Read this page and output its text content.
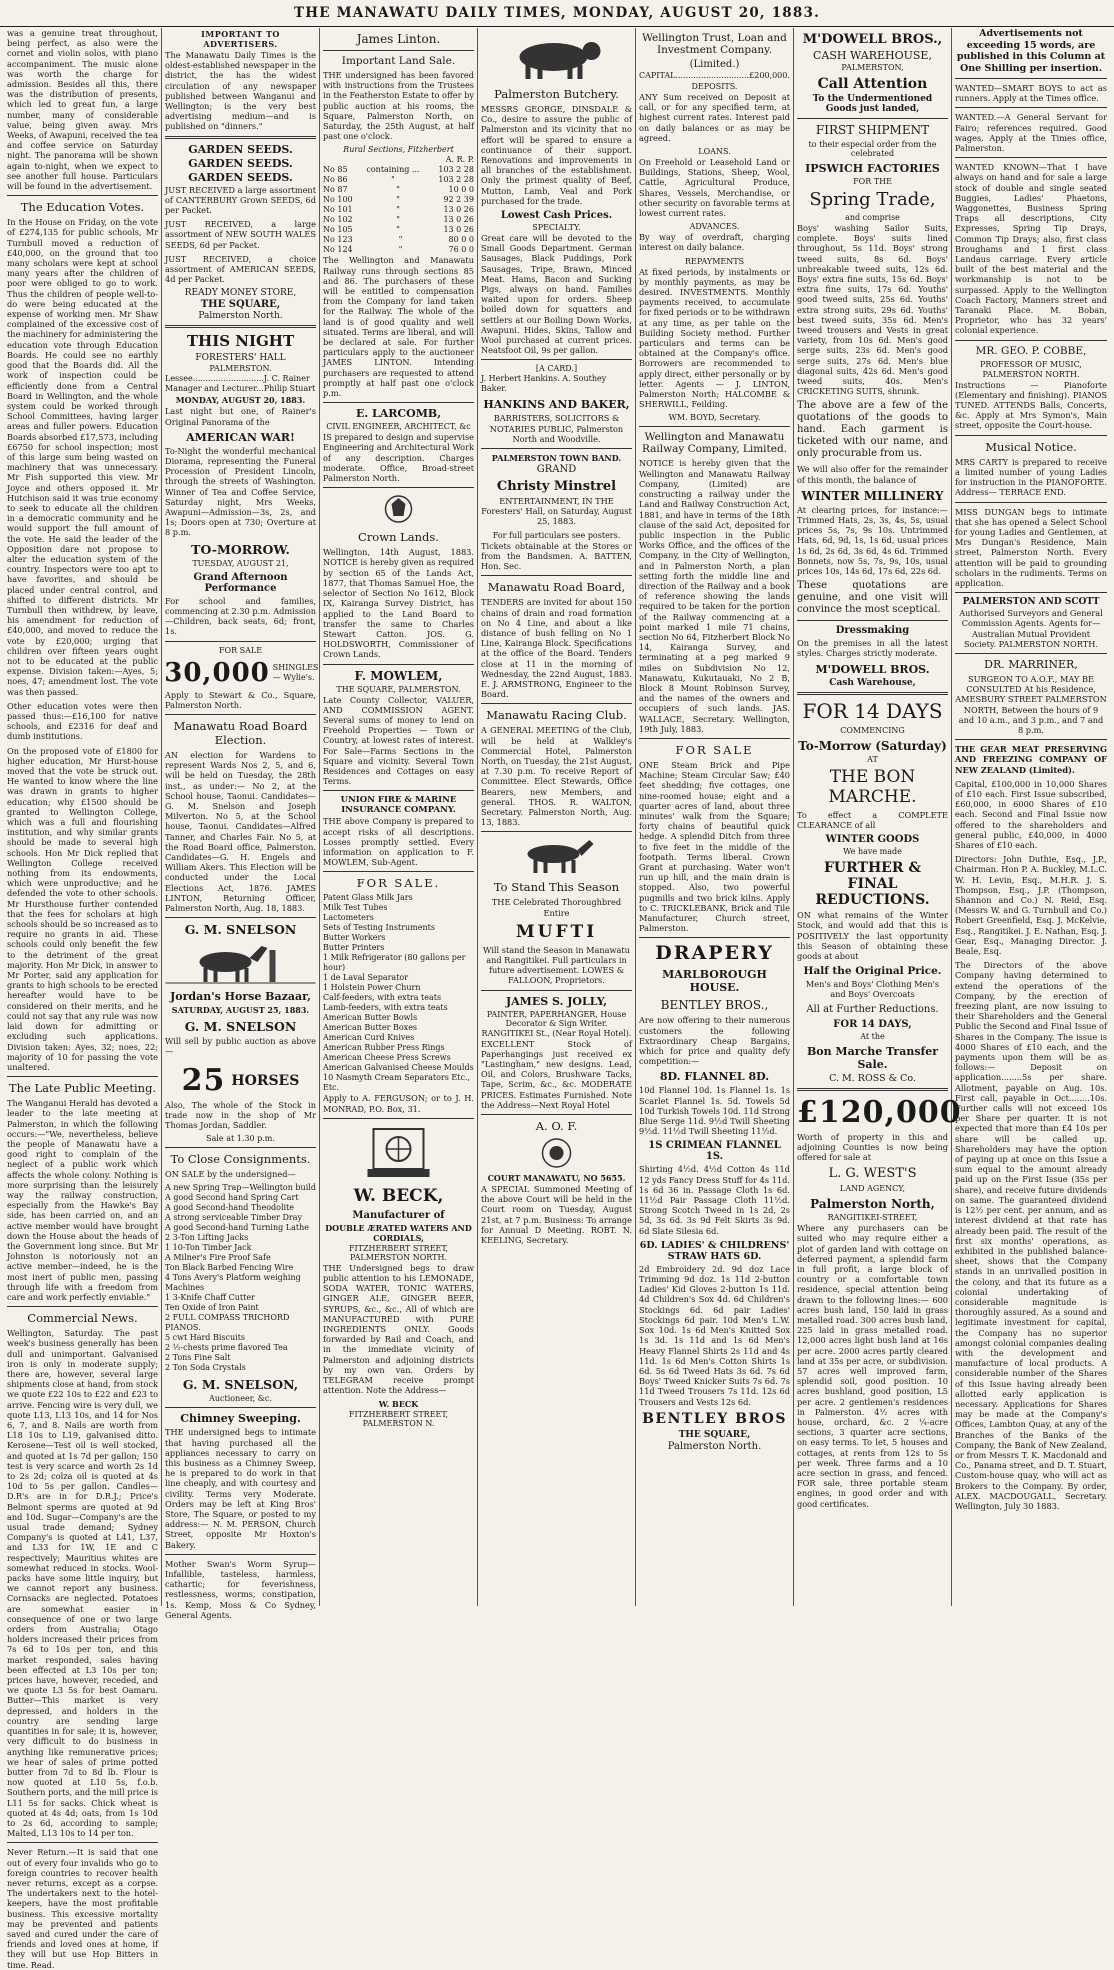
THE MANAWATU DAILY TIMES, MONDAY, AUGUST 20, 1883.

was a genuine treat throughout, being perfect, as also were the cornet and violin solos, with piano accompaniment. The music alone was worth the charge for admission. Besides all this, there was the distribution of presents, which led to great fun, a large number, many of considerable value, being given away. Mrs Weeks, of Awapuni, received the tea and coffee service on Saturday night. The panorama will be shown again to-night, when we expect to see another full house. Particulars will be found in the advertisement.

The Education Votes.

In the House on Friday, on the vote of £274,135 for public schools, Mr Turnbull moved a reduction of £40,000, on the ground that too many scholars were kept at school many years after the children of poor were obliged to go to work. Thus the children of people well-to-do were being educated at the expense of working men. Mr Shaw complained of the excessive cost of the machinery for administering the education vote through Education Boards. He could see no earthly good that the Boards did. All the work of inspection could be efficiently done from a Central Board in Wellington, and the whole system could be worked through School Committees, having larger areas and fuller powers. Education Boards absorbed £17,573, including £6750 for school inspection; most of this large sum being wasted on machinery that was unnecessary. Mr Fish supported this view. Mr Joyce and others opposed it. Mr Hutchison said it was true economy to seek to educate all the children in a democratic community and he would support the full amount of the vote. He said the leader of the Opposition dare not propose to alter the education system of the country. Inspectors were too apt to have favorites, and should be placed under central control, and shifted to different districts. Mr Turnbull then withdrew, by leave, his amendment for reduction of £40,000, and moved to reduce the vote by £20,000; urging that children over fifteen years ought not to be educated at the public expense. Division taken:—Ayes, 5; noes, 47; amendment lost. The vote was then passed.

Other education votes were then passed thus:—£16,100 for native schools, and £2316 for deaf and dumb institutions.

On the proposed vote of £1800 for higher education, Mr Hurst-house moved that the vote be struck out. He wanted to know where the line was drawn in grants to higher education; why £1500 should be granted to Wellington College, which was a full and flourishing institution, and why similar grants should be made to several high schools. Hon Mr Dick replied that Wellington College received nothing from its endowments, which were unproductive; and he defended the vote to other schools. Mr Hursthouse further contended that the fees for scholars at high schools should be so increased as to require no grants in aid. These schools could only benefit the few to the detriment of the great majority. Hon Mr Dick, in answer to Mr Porter, said any application for grants to high schools to be erected hereafter would have to be considered on their merits, and he could not say that any rule was now laid down for admitting or excluding such applications. Division taken: Ayes, 32; noes, 22; majority of 10 for passing the vote unaltered.

The Late Public Meeting.

The Wanganui Herald has devoted a leader to the late meeting at Palmerston, in which the following occurs:—"We, nevertheless, believe the people of Manawatu have a good right to complain of the neglect of a public work which affects the whole colony. Nothing is more surprising than the leisurely way the railway construction, especially from the Hawke's Bay side, has been carried on, and an active member would have brought down the House about the heads of the Government long since. But Mr Johnston is notoriously not an active member—indeed, he is the most inert of public men, passing through life with a freedom from care and work perfectly enviable."

Commercial News.

Wellington, Saturday. The past week's business generally has been dull and unimportant. Galvanised iron is only in moderate supply; there are, however, several large shipments close at hand, from stock we quote £22 10s to £22 and £23 to arrive. Fencing wire is very dull, we quote L13, L13 10s, and 14 for Nos 6, 7, and 8. Nails are worth from L18 10s to L19, galvanised ditto. Kerosene—Test oil is well stocked, and quoted at 1s 7d per gallon; 150 test is very scarce and worth 2s 1d to 2s 2d; colza oil is quoted at 4s 10d to 5s per gallon. Candles—D.R's are in for D.R.J.; Price's Belmont sperms are quoted at 9d and 10d. Sugar—Company's are the usual trade demand; Sydney Company's is quoted at L41, L37, and L33 for 1W, 1E and C respectively; Mauritius whites are somewhat reduced in stocks. Wool-packs have some little inquiry, but we cannot report any business. Cornsacks are neglected. Potatoes are somewhat easier in consequence of one or two large orders from Australia; Otago holders increased their prices from 7s 6d to 10s per ton, and this market responded, sales having been effected at L3 10s per ton; prices have, however, receded, and we quote L3 5s for best Oamaru. Butter—This market is very depressed, and holders in the country are sending large quantities in for sale; it is, however, very difficult to do business in anything like remunerative prices; we hear of sales of prime potted butter from 7d to 8d lb. Flour is now quoted at L10 5s, f.o.b. Southern ports, and the mill price is L11 5s for sacks. Chick wheat is quoted at 4s 4d; oats, from 1s 10d to 2s 6d, according to sample; Malted, L13 10s to 14 per ton.

Never Return.—It is said that one out of every four invalids who go to foreign countries to recover health never returns, except as a corpse. The undertakers next to the hotel-keepers, have the most profitable business. This excessive mortality may be prevented and patients saved and cured under the care of friends and loved ones at home, if they will but use Hop Bitters in time. Read.

IMPORTANT TO ADVERTISERS.

The Manawatu Daily Times is the oldest-established newspaper in the district, the has the widest circulation of any newspaper published between Wanganui and Wellington; is the very best advertising medium—and is published on "dinners."

GARDEN SEEDS.
GARDEN SEEDS.
GARDEN SEEDS.

JUST RECEIVED a large assortment of CANTERBURY Grown SEEDS, 6d per Packet.

JUST RECEIVED, a large assortment of NEW SOUTH WALES SEEDS, 6d per Packet.

JUST RECEIVED, a choice assortment of AMERICAN SEEDS, 4d per Packet.

READY MONEY STORE,
THE SQUARE,
Palmerston North.
THIS NIGHT
FORESTERS' HALL
PALMERSTON.
Lessee............................J. C. Rainer
Manager and Lecturer...Philip Stuart
MONDAY, AUGUST 20, 1883.

Last night but one, of Rainer's Original Panorama of the

AMERICAN WAR!

To-Night the wonderful mechanical Diorama, representing the Funeral Procession of President Lincoln, through the streets of Washington. Winner of Tea and Coffee Service, Saturday night, Mrs Weeks, Awapuni—Admission—3s, 2s, and 1s; Doors open at 730; Overture at 8 p.m.

TO-MORROW.
TUESDAY, AUGUST 21,
Grand Afternoon Performance

For school and families, commencing at 2.30 p.m. Admission—Children, back seats, 6d; front, 1s.

FOR SALE
30,000 SHINGLES— Wylie's.

Apply to Stewart & Co., Square, Palmerston North.

Manawatu Road Board Election.

AN election for Wardens to represent Wards Nos 2, 5, and 6, will be held on Tuesday, the 28th inst., as under:— No 2, at the School house, Taonui. Candidates—G. M. Snelson and Joseph Milverton. No 5, at the School house, Taonui. Candidates—Alfred Tanner, and Charles Fair. No 5, at the Road Board office, Palmerston. Candidates—G. H. Engels and William Akers. This Election will be conducted under the Local Elections Act, 1876. JAMES LINTON, Returning Officer, Palmerston North, Aug. 18, 1883.

G. M. SNELSON
Jordan's Horse Bazaar,
SATURDAY, AUGUST 25, 1883.
G. M. SNELSON

Will sell by public auction as above—

25 HORSES

Also, The whole of the Stock in trade now in the shop of Mr Thomas Jordan, Saddler.

Sale at 1.30 p.m.
To Close Consignments.

ON SALE by the undersigned—

A new Spring Trap—Wellington build
A good Second hand Spring Cart
A good Second-hand Theodolite
A strong serviceable Timber Dray
A good Second-hand Turning Lathe
2 3-Ton Lifting Jacks
1 10-Ton Timber Jack
A Milner's Fire Proof Safe
Ton Black Barbed Fencing Wire
4 Tons Avery's Platform weighing Machines
1 3-Knife Chaff Cutter
Ten Oxide of Iron Paint
2 FULL COMPASS TRICHORD PIANOS.
5 cwt Hard Biscuits
2 ½-chests prime flavored Tea
2 Tons Fine Salt
2 Ton Soda Crystals
G. M. SNELSON,
Auctioneer, &c.
Chimney Sweeping.

THE undersigned begs to intimate that having purchased all the appliances necessary to carry on this business as a Chimney Sweep, he is prepared to do work in that line cheaply, and with courtesy and civility. Terms very Moderate. Orders may be left at King Bros' Store, The Square, or posted to my address:— N. M. PERSON, Church Street, opposite Mr Hoxton's Bakery.

Mother Swan's Worm Syrup—Infallible, tasteless, harmless, cathartic; for feverishness, restlessness, worms, constipation, 1s. Kemp, Moss & Co Sydney, General Agents.

James Linton.
Important Land Sale.

THE undersigned has been favored with instructions from the Trustees in the Featherston Estate to offer by public auction at his rooms, the Square, Palmerston North, on Saturday, the 25th August, at half past one o'clock.

Rural Sections, Fitzherbert
A. R. P.
No 85 containing ... 103 2 28
No 86	"	103 2 28
No 87	"	10 0 0
No 100	"	92 2 39
No 101	"	13 0 26
No 102	"	13 0 26
No 105	"	13 0 26
No 123	"	80 0 0
No 124	"	76 0 0

The Wellington and Manawatu Railway runs through sections 85 and 86. The purchasers of these will be entitled to compensation from the Company for land taken for the Railway. The whole of the land is of good quality and well situated. Terms are liberal, and will be declared at sale. For further particulars apply to the auctioneer JAMES LINTON. Intending purchasers are requested to attend promptly at half past one o'clock p.m.

E. LARCOMB,
CIVIL ENGINEER, ARCHITECT, &c

IS prepared to design and supervise Engineering and Architectural Work of any description. Charges moderate. Office, Broad-street Palmerston North.

Crown Lands.

Wellington, 14th August, 1883. NOTICE is hereby given as required by section 65 of the Lands Act, 1877, that Thomas Samuel Hoe, the selector of Section No 1612, Block IX, Kairanga Survey District, has applied to the Land Board to transfer the same to Charles Stewart Catton. JOS. G. HOLDSWORTH, Commissioner of Crown Lands.

F. MOWLEM,
THE SQUARE, PALMERSTON.

Late County Collector, VALUER, AND COMMISSION AGENT. Several sums of money to lend on Freehold Properties — Town or Country, at lowest rates of interest. For Sale—Farms Sections in the Square and vicinity. Several Town Residences and Cottages on easy Terms.

UNION FIRE & MARINE INSURANCE COMPANY.

THE above Company is prepared to accept risks of all descriptions. Losses promptly settled. Every information on application to F. MOWLEM, Sub-Agent.

FOR SALE.
Patent Glass Milk Jars
Milk Test Tubes
Lactometers
Sets of Testing Instruments
Butter Workers
Butter Printers
1 Milk Refrigerator (80 gallons per hour)
1 de Laval Separator
1 Holstein Power Churn
Calf-feeders, with extra teats
Lamb-feeders, with extra teats
American Butter Bowls
American Butter Boxes
American Curd Knives
American Rubber Press Rings
American Cheese Press Screws
American Galvanised Cheese Moulds
10 Nasmyth Cream Separators Etc., Etc.

Apply to A. FERGUSON; or to J. H. MONRAD, P.O. Box, 31.

W. BECK,
Manufacturer of
DOUBLE ÆRATED WATERS AND CORDIALS,
FITZHERBERT STREET, PALMERSTON NORTH.

THE Undersigned begs to draw public attention to his LEMONADE, SODA WATER, TONIC WATERS, GINGER ALE, GINGER BEER, SYRUPS, &c., &c., All of which are MANUFACTURED with PURE INGREDIENTS ONLY. Goods forwarded by Rail and Coach, and in the immediate vicinity of Palmerston and adjoining districts by my own van. Orders by TELEGRAM receive prompt attention. Note the Address—

W. BECK
FITZHERBERT STREET, PALMERSTON N.
Palmerston Butchery.

MESSRS GEORGE, DINSDALE & Co., desire to assure the public of Palmerston and its vicinity that no effort will be spared to ensure a continuance of their support. Renovations and improvements in all branches of the establishment. Only the primest quality of Beef, Mutton, Lamb, Veal and Pork purchased for the trade.

Lowest Cash Prices.
SPECIALTY.

Great care will be devoted to the Small Goods Department. German Sausages, Black Puddings, Pork Sausages, Tripe, Brawn, Minced Meat. Hams, Bacon and Sucking Pigs, always on hand. Families waited upon for orders. Sheep boiled down for squatters and settlers at our Boiling Down Works, Awapuni. Hides, Skins, Tallow and Wool purchased at current prices. Neatsfoot Oil, 9s per gallon.

[A CARD.]
J. Herbert Hankins. A. Southey Baker.
HANKINS AND BAKER,

BARRISTERS, SOLICITORS & NOTARIES PUBLIC, Palmerston North and Woodville.

PALMERSTON TOWN BAND.
GRAND
Christy Minstrel

ENTERTAINMENT, IN THE Foresters' Hall, on Saturday, August 25, 1883.

For full particulars see posters.

Tickets obtainable at the Stores or from the Bandsmen. A. BATTEN, Hon. Sec.

Manawatu Road Board,

TENDERS are invited for about 150 chains of drain and road formation on No 4 Line, and about a like distance of bush felling on No 1 Line, Kairanga Block. Specifications at the office of the Board. Tenders close at 11 in the morning of Wednesday, the 22nd August, 1883. E. J. ARMSTRONG, Engineer to the Board.

Manawatu Racing Club.

A GENERAL MEETING of the Club, will be held at Walkley's Commercial Hotel, Palmerston North, on Tuesday, the 21st August, at 7.30 p.m. To receive Report of Committee. Elect Stewards, Office Bearers, new Members, and general. THOS. R. WALTON, Secretary. Palmerston North, Aug. 13, 1883.

To Stand This Season

THE Celebrated Thoroughbred Entire

MUFTI

Will stand the Season in Manawatu and Rangitikei. Full particulars in future advertisement. LOWES & FALLOON, Proprietors.

JAMES S. JOLLY,
PAINTER, PAPERHANGER, House Decorator & Sign Writer.
RANGITIKEI St., (Near Royal Hotel).

EXCELLENT Stock of Paperhangings just received ex "Lastingham," new designs. Lead, Oil, and Colors, Brushware Tacks, Tape, Scrim, &c., &c. MODERATE PRICES. Estimates Furnished. Note the Address—Next Royal Hotel

A. O. F.
COURT MANAWATU, NO 5655.

A SPECIAL Summoned Meeting of the above Court will be held in the Court room on Tuesday, August 21st, at 7 p.m. Business: To arrange for Annual D Meeting. ROBT. N. KEELING, Secretary.

Wellington Trust, Loan and Investment Company.
(Limited.)
CAPITAL.............................£200,000.
DEPOSITS.

ANY Sum received on Deposit at call, or for any specified term, at highest current rates. Interest paid on daily balances or as may be agreed.

LOANS.

On Freehold or Leasehold Land or Buildings, Stations, Sheep, Wool, Cattle, Agricultural Produce, Shares, Vessels, Merchandise, or other security on favorable terms at lowest current rates.

ADVANCES.

By way of overdraft, charging interest on daily balance.

REPAYMENTS

At fixed periods, by instalments or by monthly payments, as may be desired. INVESTMENTS. Monthly payments received, to accumulate for fixed periods or to be withdrawn at any time, as per table on the Building Society method. Further particulars and terms can be obtained at the Company's office. Borrowers are recommended to apply direct, either personally or by letter. Agents — J. LINTON, Palmerston North; HALCOMBE & SHERWILL, Feilding.

WM. BOYD, Secretary.
Wellington and Manawatu Railway Company, Limited.

NOTICE is hereby given that the Wellington and Manawatu Railway Company, (Limited) are constructing a railway under the Land and Railway Construction Act, 1881, and have in terms of the 18th clause of the said Act, deposited for public inspection in the Public Works Office, and the offices of the Company, in the City of Wellington, and in Palmerston North, a plan setting forth the middle line and direction of the Railway and a book of reference showing the lands required to be taken for the portion of the Railway commencing at a point marked 1 mile 71 chains, section No 64, Fitzherbert Block No 14, Kairanga Survey, and terminating at a peg marked 9 miles on Subdivision No 12, Manawatu, Kukutauaki, No 2 B, Block 8 Mount Robinson Survey, and the names of the owners and occupiers of such lands. JAS. WALLACE, Secretary. Wellington, 19th July, 1883.

FOR SALE

ONE Steam Brick and Pipe Machine; Steam Circular Saw; £40 feet shedding; five cottages, one nine-roomed house; eight and a quarter acres of land, about three minutes' walk from the Square; forty chains of beautiful quick hedge. A splendid Ditch from three to five feet in the middle of the footpath. Terms liberal. Crown Grant at purchasing. Water won't run up hill, and the main drain is stopped. Also, two powerful pugmills and two brick kilns. Apply to C. TRICKLEBANK, Brick and Tile Manufacturer, Church street, Palmerston.

DRAPERY
MARLBOROUGH HOUSE.
BENTLEY BROS.,

Are now offering to their numerous customers the following Extraordinary Cheap Bargains, which for price and quality defy competition:—

8D. FLANNEL 8D.

10d Flannel 10d. 1s Flannel 1s. 1s Scarlet Flannel 1s. 5d. Towels 5d 10d Turkish Towels 10d. 11d Strong Blue Serge 11d. 9½d Twill Sheeting 9½d. 11½d Twill Sheeting 11½d.

1S CRIMEAN FLANNEL 1S.

Shirting 4½d. 4½d Cotton 4s 11d 12 yds Fancy Dress Stuff for 4s 11d. 1s 6d 36 in. Passage Cloth 1s 6d. 11½d Pair Passage Cloth 11½d. Strong Scotch Tweed in 1s 2d, 2s 5d, 3s 6d. 3s 9d Felt Skirts 3s 9d. 6d Slate Silesia 6d.

6D. LADIES' & CHILDRENS' STRAW HATS 6D.

2d Embroidery 2d. 9d doz Lace Trimming 9d doz. 1s 11d 2-button Ladies' Kid Gloves 2-button 1s 11d. 4d Children's Sox 4d. 6d Children's Stockings 6d. 6d pair Ladies' Stockings 6d pair. 10d Men's L.W. Sox 10d. 1s 6d Men's Knitted Sox 1s 3d. 1s 11d and 1s 6d Men's Heavy Flannel Shirts 2s 11d and 4s 11d. 1s 6d Men's Cotton Shirts 1s 6d. 5s 6d Tweed Hats 3s 6d. 7s 6d Boys' Tweed Knicker Suits 7s 6d. 7s 11d Tweed Trousers 7s 11d. 12s 6d Trousers and Vests 12s 6d.

BENTLEY BROS
THE SQUARE,
Palmerston North.
M'DOWELL BROS.,
CASH WAREHOUSE,
PALMERSTON,
Call Attention
To the Undermentioned Goods just landed,
FIRST SHIPMENT
to their especial order from the celebrated
IPSWICH FACTORIES
FOR THE
Spring Trade,
and comprise

Boys' washing Sailor Suits, complete. Boys' suits lined throughout, 5s 11d. Boys' strong tweed suits, 8s 6d. Boys' unbreakable tweed suits, 12s 6d. Boys' extra fine suits, 15s 6d. Boys' extra fine suits, 17s 6d. Youths' good tweed suits, 25s 6d. Youths' extra strong suits, 29s 6d. Youths' best tweed suits, 35s 6d. Men's tweed trousers and Vests in great variety, from 10s 6d. Men's good serge suits, 23s 6d. Men's good serge suits, 27s 6d. Men's blue diagonal suits, 42s 6d. Men's good tweed suits, 40s. Men's CRICKETING SUITS, shrunk.

The above are a few of the quotations of the goods to hand. Each garment is ticketed with our name, and only procurable from us.

We will also offer for the remainder of this month, the balance of

WINTER MILLINERY

At clearing prices, for instance:— Trimmed Hats, 2s, 3s, 4s, 5s, usual prices 5s, 7s, 9s 10s. Untrimmed Hats, 6d, 9d, 1s, 1s 6d, usual prices 1s 6d, 2s 6d, 3s 6d, 4s 6d. Trimmed Bonnets, now 5s, 7s, 9s, 10s, usual prices 10s, 14s 6d, 17s 6d, 22s 6d.

These quotations are genuine, and one visit will convince the most sceptical.

Dressmaking

On the premises in all the latest styles. Charges strictly moderate.

M'DOWELL BROS.
Cash Warehouse,
FOR 14 DAYS
COMMENCING
To-Morrow (Saturday)
AT
THE BON MARCHE.

To effect a COMPLETE CLEARANCE of all

WINTER GOODS
We have made
FURTHER & FINAL REDUCTIONS.

ON what remains of the Winter Stock, and would add that this is POSITIVELY the last opportunity this Season of obtaining these goods at about

Half the Original Price.

Men's and Boys' Clothing Men's and Boys' Overcoats

All at Further Reductions.
FOR 14 DAYS,
At the
Bon Marche Transfer Sale.
C. M. ROSS & Co.
£120,000

Worth of property in this and adjoining Counties is now being offered for sale at

L. G. WEST'S
LAND AGENCY,
Palmerston North,
RANGITIKEI-STREET,

Where any purchasers can be suited who may require either a plot of garden land with cottage on deferred payment, a splendid farm in full profit, a large block of country or a comfortable town residence, special attention being drawn to the following lines:— 600 acres bush land, 150 laid in grass metalled road. 300 acres bush land, 225 laid in grass metalled road. 12,000 acres light bush land at 16s per acre. 2000 acres partly cleared land at 35s per acre, or subdivision. 57 acres well improved farm, splendid soil, good position. 10 acres bushland, good position, L5 per acre. 2 gentlemen's residences in Palmerston. 4½ acres with house, orchard, &c. 2 ¼-acre sections, 3 quarter acre sections, on easy terms. To let, 5 houses and cottages, at rents from 12s to 5s per week. Three farms and a 10 acre section in grass, and fenced. FOR sale, three portable steam engines, in good order and with good certificates.

Advertisements not exceeding 15 words, are published in this Column at One Shilling per insertion.

WANTED—SMART BOYS to act as runners. Apply at the Times office.

WANTED.—A General Servant for Fairo; references required. Good wages. Apply at the Times office, Palmerston.

WANTED KNOWN—That I have always on hand and for sale a large stock of double and single seated Buggies, Ladies' Phaetons, Waggonettes, Business Spring Traps all descriptions, City Expresses, Spring Tip Drays, Common Tip Drays; also, first class Broughams and 1 first class Landaus carriage. Every article built of the best material and the workmanship is not to be surpassed. Apply to the Wellington Coach Factory, Manners street and Taranaki Place. M. Boban, Proprietor, who has 32 years' colonial experience.

MR. GEO. P. COBBE,
PROFESSOR OF MUSIC,
PALMERSTON NORTH.

Instructions — Pianoforte (Elementary and finishing). PIANOS TUNED. ATTENDS Balls, Concerts, &c. Apply at Mrs Symon's, Main street, opposite the Court-house.

Musical Notice.

MRS CARTY is prepared to receive a limited number of young Ladies for instruction in the PIANOFORTE. Address— TERRACE END.

MISS DUNGAN begs to intimate that she has opened a Select School for young Ladies and Gentlemen, at Mrs Dungan's Residence, Main street, Palmerston North. Every attention will be paid to grounding scholars in the rudiments. Terms on application.

PALMERSTON AND SCOTT

Authorised Surveyors and General Commission Agents. Agents for—Australian Mutual Provident Society. PALMERSTON NORTH.

DR. MARRINER,

SURGEON TO A.O.F., MAY BE CONSULTED At his Residence, AMESBURY STREET PALMERSTON NORTH, Between the hours of 9 and 10 a.m., and 3 p.m., and 7 and 8 p.m.

THE GEAR MEAT PRESERVING AND FREEZING COMPANY OF NEW ZEALAND (Limited).

Capital, £100,000 in 10,000 Shares of £10 each. First Issue subscribed, £60,000, in 6000 Shares of £10 each. Second and Final Issue now offered to the shareholders and general public, £40,000, in 4000 Shares of £10 each.

Directors: John Duthie, Esq., J.P., Chairman. Hon P. A. Buckley, M.L.C. W. H. Levin, Esq., M.H.R. J. S. Thompson, Esq., J.P. (Thompson, Shannon and Co.) N. Reid, Esq. (Messrs W. and G. Turnbull and Co.) Robert Greenfield, Esq. J. McKelvie, Esq., Rangitikei. J. E. Nathan, Esq. J. Gear, Esq., Managing Director. J. Beale, Esq.

The Directors of the above Company having determined to extend the operations of the Company, by the erection of freezing plant, are now issuing to their Shareholders and the General Public the Second and Final Issue of Shares in the Company. The issue is 4000 Shares of £10 each, and the payments upon them will be as follows:— Deposit on application........5s per share. Allotment, payable on Aug. 10s. First call, payable in Oct........10s. Further calls will not exceed 10s per Share per quarter. It is not expected that more than £4 10s per share will be called up. Shareholders may have the option of paying up at once on this Issue a sum equal to the amount already paid up on the First Issue (35s per share), and receive future dividends on same. The guaranteed dividend is 12½ per cent. per annum, and as interest dividend at that rate has already been paid. The result of the first six months' operations, as exhibited in the published balance-sheet, shows that the Company stands in an unrivalled position in the colony, and that its future as a colonial undertaking of considerable magnitude is thoroughly assured. As a sound and legitimate investment for capital, the Company has no superior amongst colonial companies dealing with the development and manufacture of local products. A considerable number of the Shares of this Issue having already been allotted early application is necessary. Applications for Shares may be made at the Company's Offices, Lambton Quay, at any of the Branches of the Banks of the Company, the Bank of New Zealand, or from Messrs T. K. Macdonald and Co., Panama street, and D. T. Stuart, Custom-house quay, who will act as Brokers to the Company. By order, ALEX. MACDOUGALL, Secretary. Wellington, July 30 1883.
